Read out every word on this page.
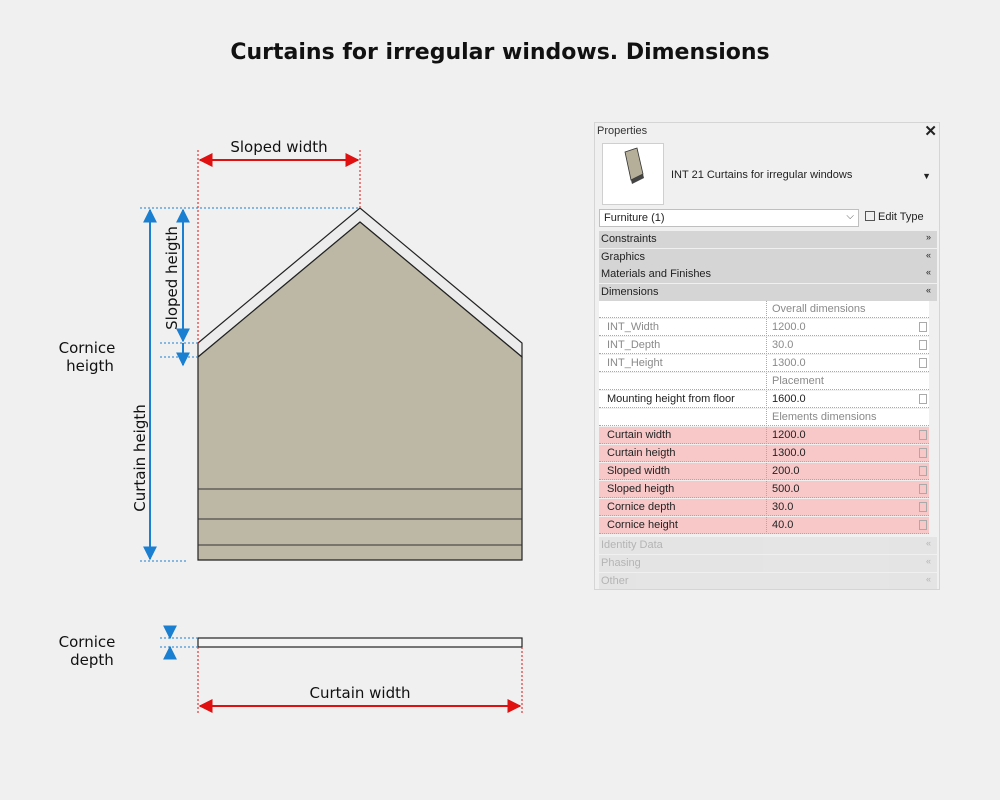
Curtains for irregular windows. Dimensions
Sloped width
Sloped heigth
Cornice
heigth
Curtain heigth
Cornice
depth
Curtain width
Properties	✕
INT 21 Curtains for irregular windows	▼
Furniture (1)	⌵	Edit Type
Constraints	»
Graphics	«
Materials and Finishes	«
Dimensions	«
Overall dimensions
INT_Width	1200.0
INT_Depth	30.0
INT_Height	1300.0
Placement
Mounting height from floor	1600.0
Elements dimensions
Curtain width	1200.0
Curtain heigth	1300.0
Sloped width	200.0
Sloped heigth	500.0
Cornice depth	30.0
Cornice height	40.0
Identity Data	«
Phasing	«
Other	«
